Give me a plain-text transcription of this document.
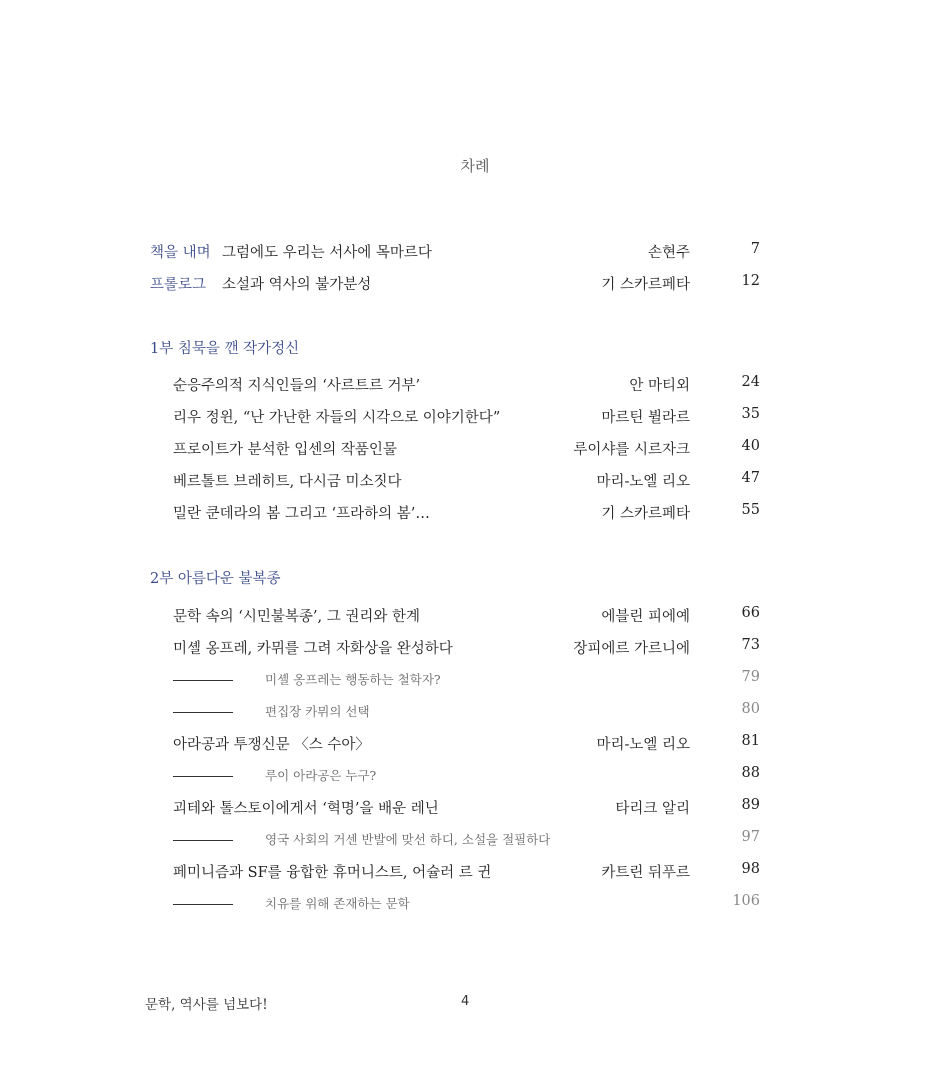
차례
책을 내며 그럼에도 우리는 서사에 목마르다	손현주	7
프롤로그 소설과 역사의 불가분성	기 스카르페타	12
1부 침묵을 깬 작가정신
순응주의적 지식인들의 ‘사르트르 거부’	안 마티외	24
리우 정윈, “난 가난한 자들의 시각으로 이야기한다”	마르틴 뷜라르	35
프로이트가 분석한 입센의 작품인물	루이샤를 시르자크	40
베르톨트 브레히트, 다시금 미소짓다	마리-노엘 리오	47
밀란 쿤데라의 봄 그리고 ‘프라하의 봄’…	기 스카르페타	55
2부 아름다운 불복종
문학 속의 ‘시민불복종’, 그 권리와 한계	에블린 피에예	66
미셸 옹프레, 카뮈를 그려 자화상을 완성하다	장피에르 가르니에	73
미셸 옹프레는 행동하는 철학자?	79
편집장 카뮈의 선택	80
아라공과 투쟁신문 〈스 수아〉	마리-노엘 리오	81
루이 아라공은 누구?	88
괴테와 톨스토이에게서 ‘혁명’을 배운 레닌	타리크 알리	89
영국 사회의 거센 반발에 맞선 하디, 소설을 절필하다	97
페미니즘과 SF를 융합한 휴머니스트, 어슐러 르 귄	카트린 뒤푸르	98
치유를 위해 존재하는 문학	106
문학, 역사를 넘보다!	4
